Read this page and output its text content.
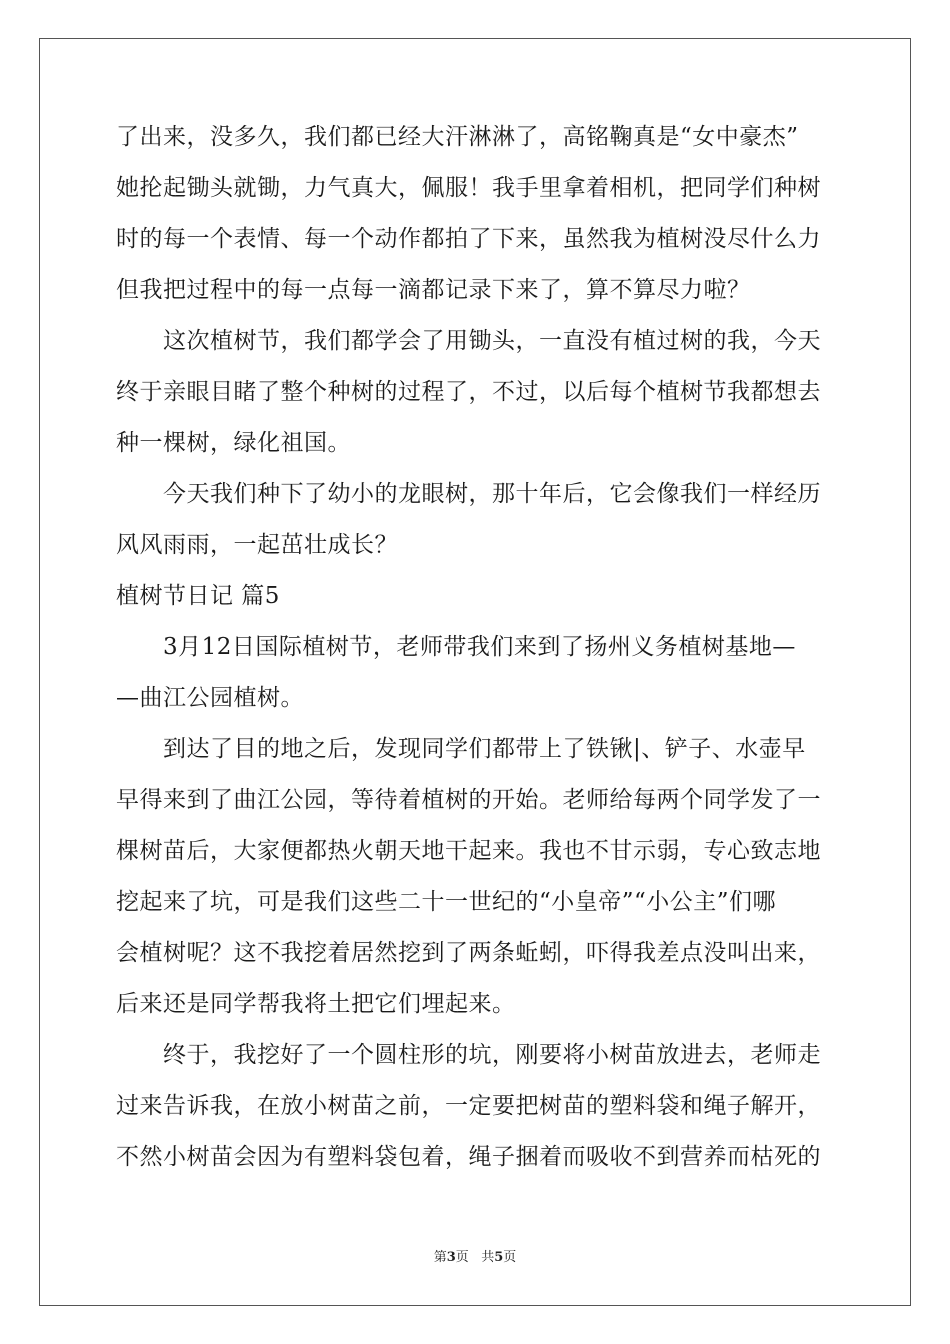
了出来，没多久，我们都已经大汗淋淋了，高铭鞠真是“女中豪杰”
她抡起锄头就锄，力气真大，佩服！我手里拿着相机，把同学们种树
时的每一个表情、每一个动作都拍了下来，虽然我为植树没尽什么力
但我把过程中的每一点每一滴都记录下来了，算不算尽力啦？
这次植树节，我们都学会了用锄头，一直没有植过树的我，今天
终于亲眼目睹了整个种树的过程了，不过，以后每个植树节我都想去
种一棵树，绿化祖国。
今天我们种下了幼小的龙眼树，那十年后，它会像我们一样经历
风风雨雨，一起茁壮成长？
植树节日记 篇5
3月12日国际植树节，老师带我们来到了扬州义务植树基地—
—曲江公园植树。
到达了目的地之后，发现同学们都带上了铁锹|、铲子、水壶早
早得来到了曲江公园，等待着植树的开始。老师给每两个同学发了一
棵树苗后，大家便都热火朝天地干起来。我也不甘示弱，专心致志地
挖起来了坑，可是我们这些二十一世纪的“小皇帝”“小公主”们哪
会植树呢？这不我挖着居然挖到了两条蚯蚓，吓得我差点没叫出来，
后来还是同学帮我将土把它们埋起来。
终于，我挖好了一个圆柱形的坑，刚要将小树苗放进去，老师走
过来告诉我，在放小树苗之前，一定要把树苗的塑料袋和绳子解开，
不然小树苗会因为有塑料袋包着，绳子捆着而吸收不到营养而枯死的
第3页 共5页
